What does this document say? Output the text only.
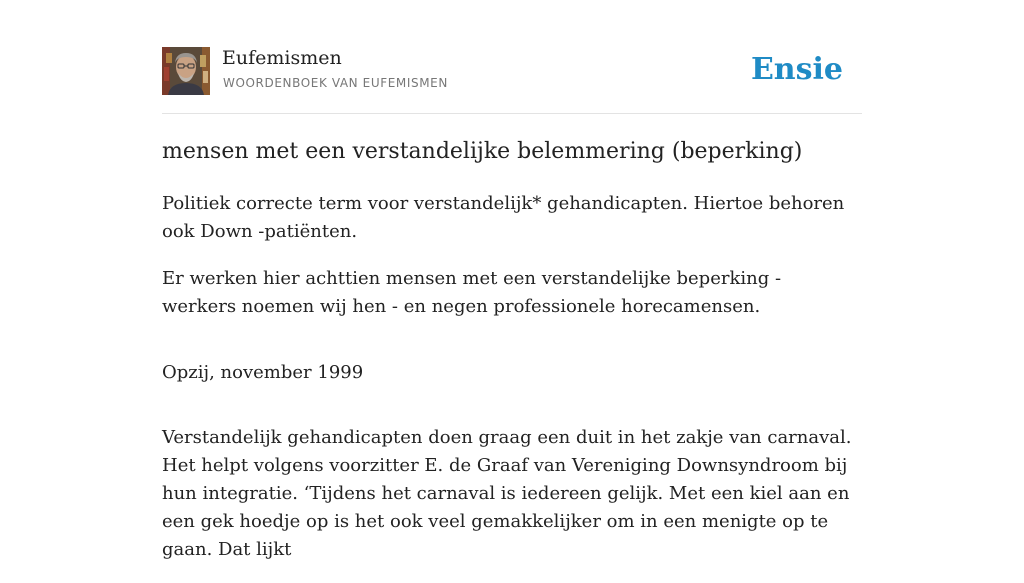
Eufemismen
WOORDENBOEK VAN EUFEMISMEN	Ensie
mensen met een verstandelijke belemmering (beperking)

Politiek correcte term voor verstandelijk* gehandicapten. Hiertoe behoren ook Down -patiënten.

Er werken hier achttien mensen met een verstandelijke beperking - werkers noemen wij hen - en negen professionele horecamensen.

Opzij, november 1999

Verstandelijk gehandicapten doen graag een duit in het zakje van carnaval. Het helpt volgens voorzitter E. de Graaf van Vereniging Downsyndroom bij hun integratie. ‘Tijdens het carnaval is iedereen gelijk. Met een kiel aan en een gek hoedje op is het ook veel gemakkelijker om in een menigte op te gaan. Dat lijkt
